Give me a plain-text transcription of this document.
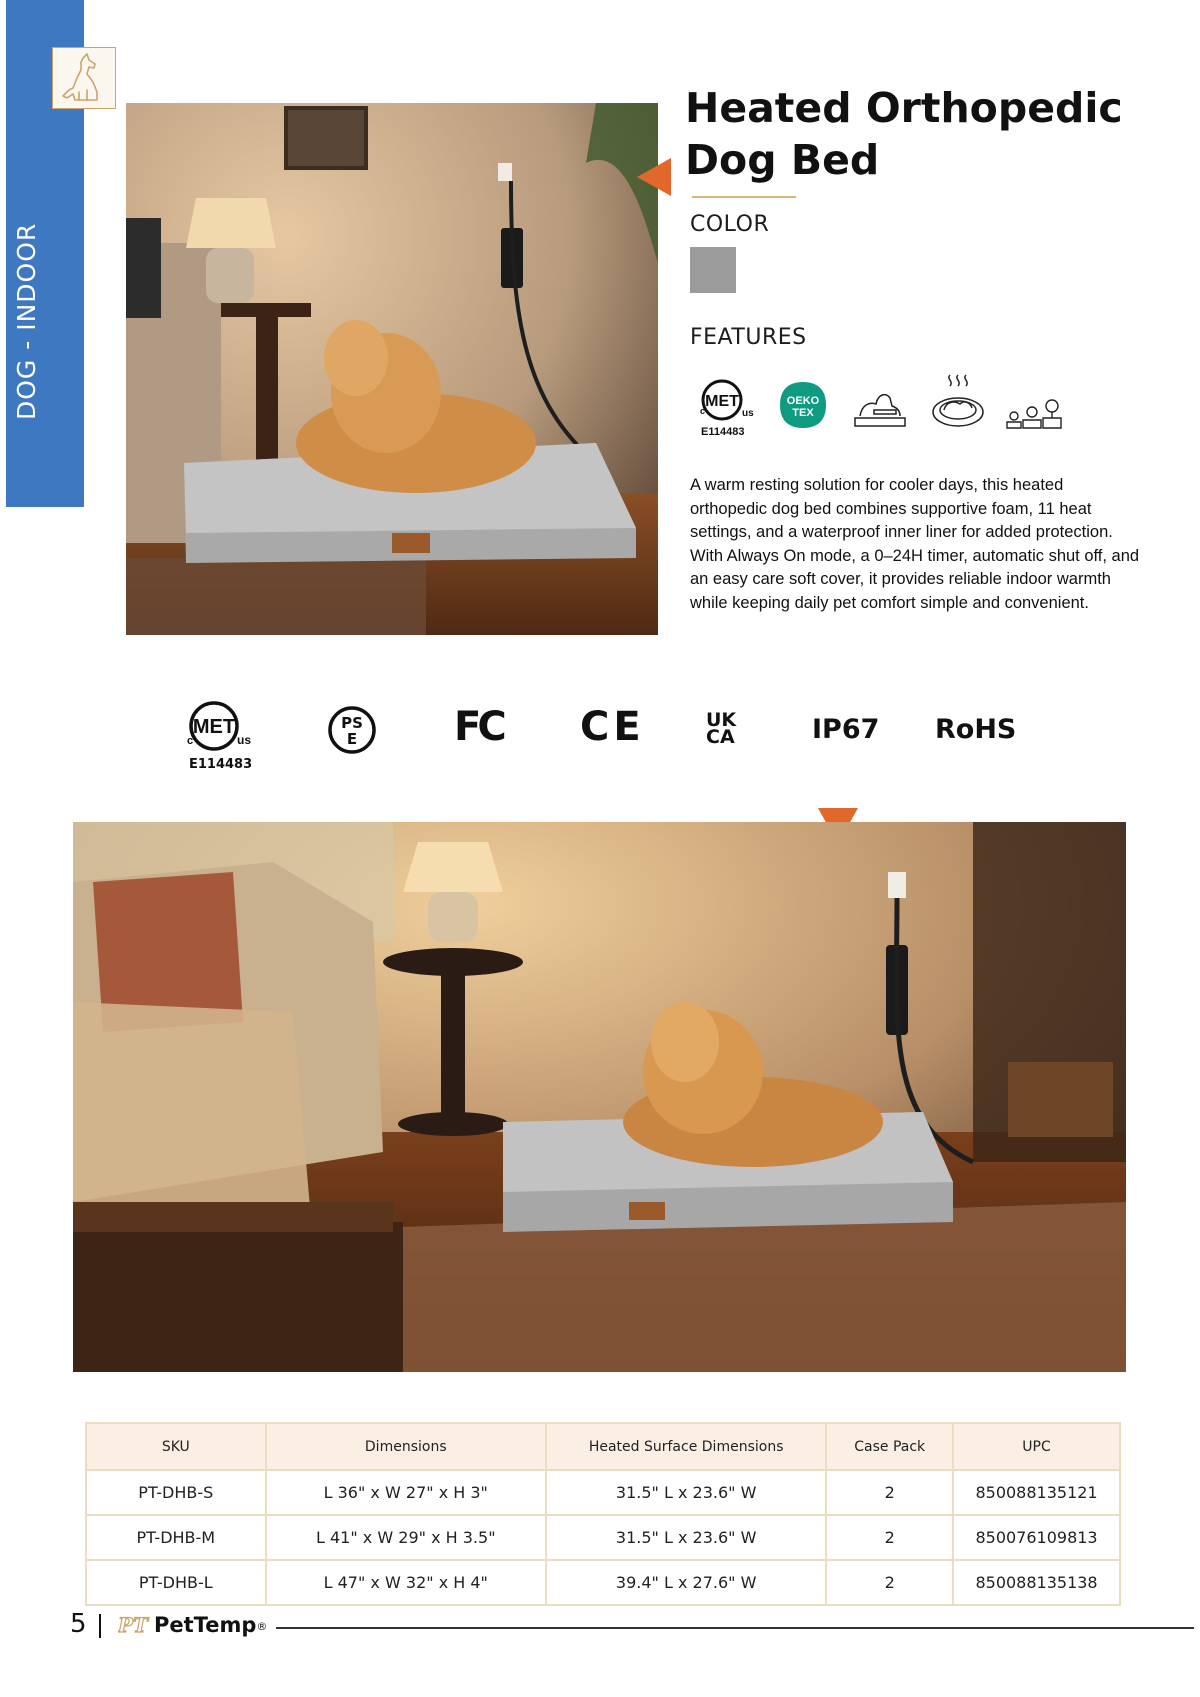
DOG - INDOOR
Heated Orthopedic
Dog Bed
COLOR
FEATURES
MET
c	us
E114483
OEKO
TEX
A warm resting solution for cooler days, this heated orthopedic dog bed combines supportive foam, 11 heat settings, and a waterproof inner liner for added protection. With Always On mode, a 0–24H timer, automatic shut off, and an easy care soft cover, it provides reliable indoor warmth while keeping daily pet comfort simple and convenient.
MET
c	us
E114483
PS
E FC CE	UK
CA	IP67 RoHS
SKU	Dimensions	Heated Surface Dimensions	Case Pack	UPC
PT-DHB-S	L 36" x W 27" x H 3"	31.5" L x 23.6" W	2	850088135121
PT-DHB-M	L 41" x W 29" x H 3.5"	31.5" L x 23.6" W	2	850076109813
PT-DHB-L	L 47" x W 32" x H 4"	39.4" L x 27.6" W	2	850088135138
5 PT PetTemp®
